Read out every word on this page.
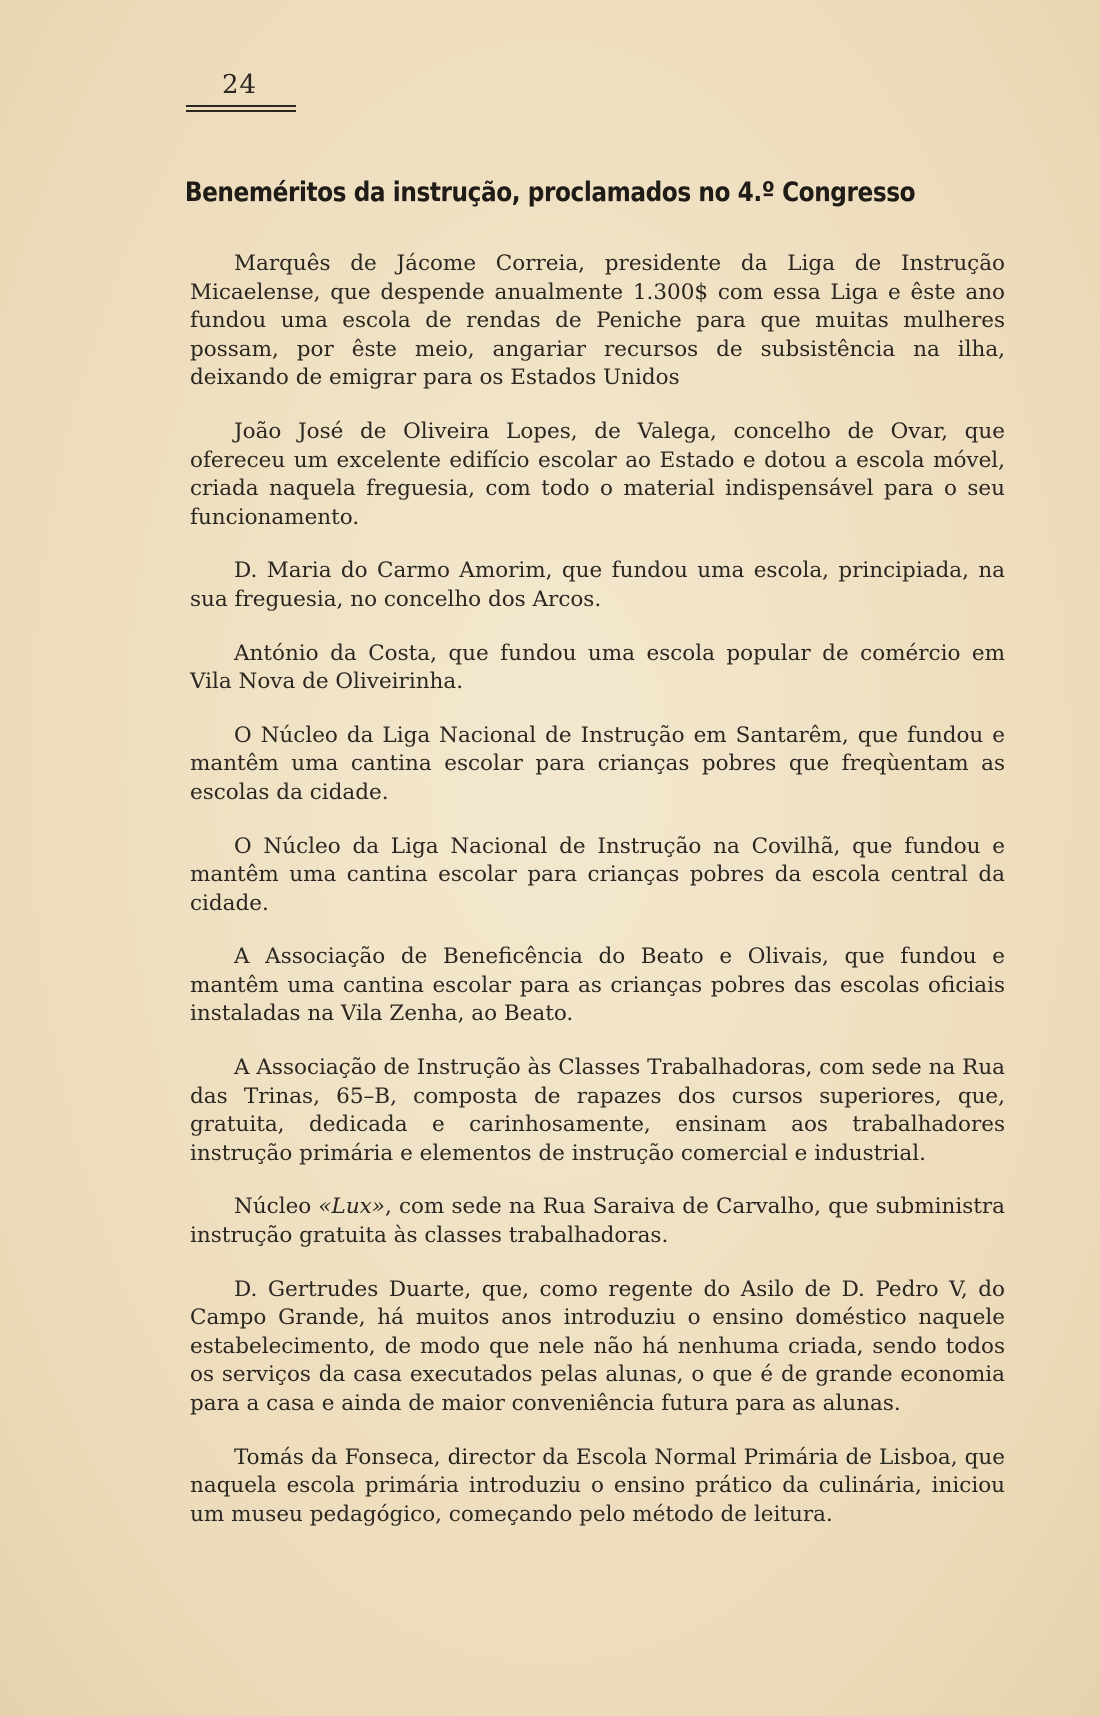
24
Beneméritos da instrução, proclamados no 4.º Congresso

Marquês de Jácome Correia, presidente da Liga de Instrução Micaelense, que despende anualmente 1.300$ com essa Liga e êste ano fundou uma escola de rendas de Peniche para que muitas mulheres possam, por êste meio, angariar recursos de subsistência na ilha, deixando de emigrar para os Estados Unidos

João José de Oliveira Lopes, de Valega, concelho de Ovar, que ofereceu um excelente edifício escolar ao Estado e dotou a escola móvel, criada naquela freguesia, com todo o material indispensável para o seu funcionamento.

D. Maria do Carmo Amorim, que fundou uma escola, principiada, na sua freguesia, no concelho dos Arcos.

António da Costa, que fundou uma escola popular de comércio em Vila Nova de Oliveirinha.

O Núcleo da Liga Nacional de Instrução em Santarêm, que fundou e mantêm uma cantina escolar para crianças pobres que freqùentam as escolas da cidade.

O Núcleo da Liga Nacional de Instrução na Covilhã, que fundou e mantêm uma cantina escolar para crianças pobres da escola central da cidade.

A Associação de Beneficência do Beato e Olivais, que fundou e mantêm uma cantina escolar para as crianças pobres das escolas oficiais instaladas na Vila Zenha, ao Beato.

A Associação de Instrução às Classes Trabalhadoras, com sede na Rua das Trinas, 65–B, composta de rapazes dos cursos superiores, que, gratuita, dedicada e carinhosamente, ensinam aos trabalhadores instrução primária e elementos de instrução comercial e industrial.

Núcleo «Lux», com sede na Rua Saraiva de Carvalho, que subministra instrução gratuita às classes trabalhadoras.

D. Gertrudes Duarte, que, como regente do Asilo de D. Pedro V, do Campo Grande, há muitos anos introduziu o ensino doméstico naquele estabelecimento, de modo que nele não há nenhuma criada, sendo todos os serviços da casa executados pelas alunas, o que é de grande economia para a casa e ainda de maior conveniência futura para as alunas.

Tomás da Fonseca, director da Escola Normal Primária de Lisboa, que naquela escola primária introduziu o ensino prático da culinária, iniciou um museu pedagógico, começando pelo método de leitura.
